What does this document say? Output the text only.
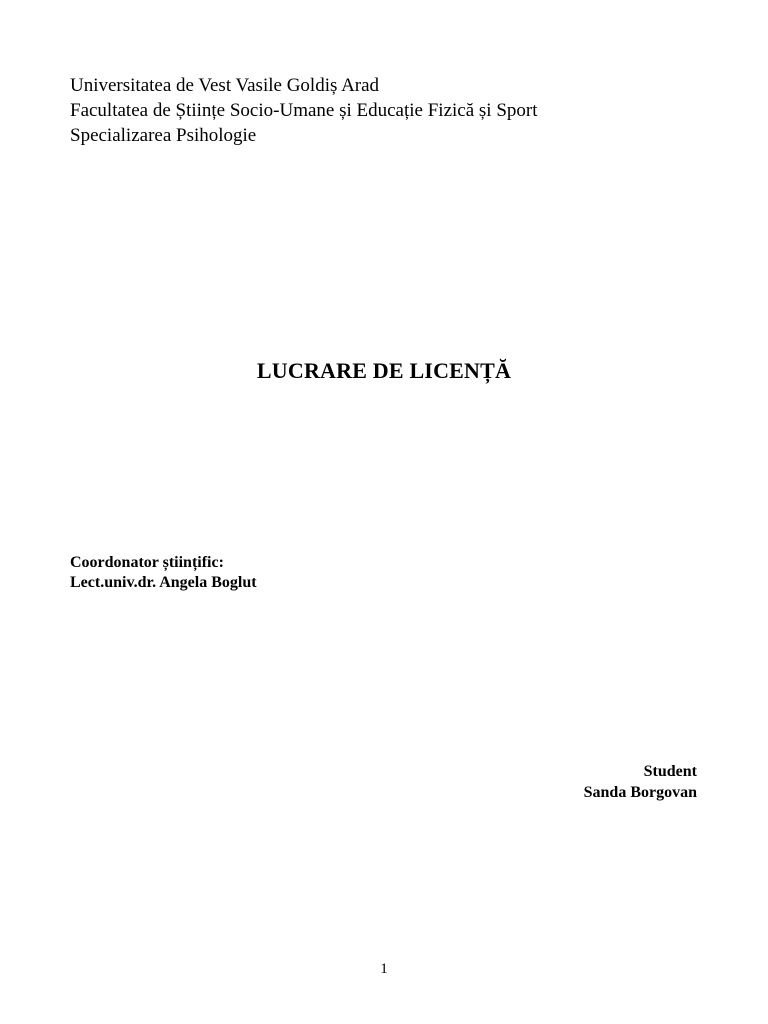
Universitatea de Vest Vasile Goldiș Arad
Facultatea de Științe Socio-Umane și Educație Fizică și Sport
Specializarea Psihologie
LUCRARE DE LICENȚĂ
Coordonator științific:
Lect.univ.dr. Angela Boglut
Student
Sanda Borgovan
1
